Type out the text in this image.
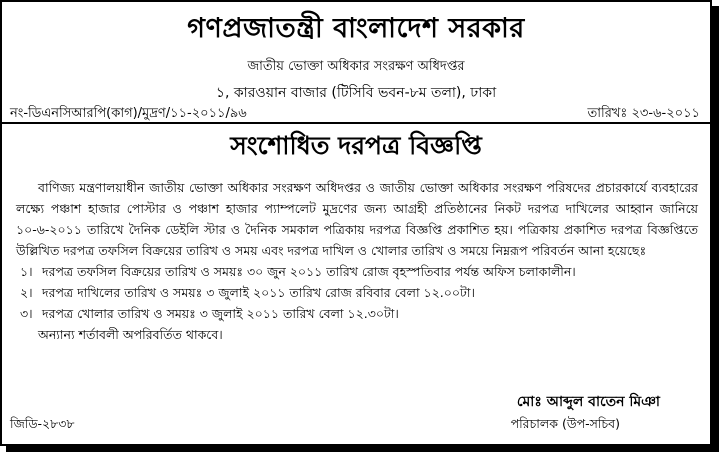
গণপ্রজাতন্ত্রী বাংলাদেশ সরকার
জাতীয় ভোক্তা অধিকার সংরক্ষণ অধিদপ্তর
১, কারওয়ান বাজার (টিসিবি ভবন-৮ম তলা), ঢাকা
নং-ডিএনসিআরপি(কাগ)/মুদ্রণ/১১-২০১১/৯৬	তারিখঃ ২৩-৬-২০১১
সংশোধিত দরপত্র বিজ্ঞপ্তি

বাণিজ্য মন্ত্রণালয়াধীন জাতীয় ভোক্তা অধিকার সংরক্ষণ অধিদপ্তর ও জাতীয় ভোক্তা অধিকার সংরক্ষণ পরিষদের প্রচারকার্যে ব্যবহারের লক্ষ্যে পঞ্চাশ হাজার পোস্টার ও পঞ্চাশ হাজার প্যাম্পলেট মুদ্রণের জন্য আগ্রহী প্রতিষ্ঠানের নিকট দরপত্র দাখিলের আহ্বান জানিয়ে ১০-৬-২০১১ তারিখে দৈনিক ডেইলি স্টার ও দৈনিক সমকাল পত্রিকায় দরপত্র বিজ্ঞপ্তি প্রকাশিত হয়। পত্রিকায় প্রকাশিত দরপত্র বিজ্ঞপ্তিতে উল্লিখিত দরপত্র তফসিল বিক্রয়ের তারিখ ও সময় এবং দরপত্র দাখিল ও খোলার তারিখ ও সময়ে নিম্নরূপ পরিবর্তন আনা হয়েছেঃ

১। দরপত্র তফসিল বিক্রয়ের তারিখ ও সময়ঃ ৩০ জুন ২০১১ তারিখ রোজ বৃহস্পতিবার পর্যন্ত অফিস চলাকালীন।

২। দরপত্র দাখিলের তারিখ ও সময়ঃ ৩ জুলাই ২০১১ তারিখ রোজ রবিবার বেলা ১২.০০টা।

৩। দরপত্র খোলার তারিখ ও সময়ঃ ৩ জুলাই ২০১১ তারিখ বেলা ১২.৩০টা।

অন্যান্য শর্তাবলী অপরিবর্তিত থাকবে।

মোঃ আব্দুল বাতেন মিঞা
পরিচালক (উপ-সচিব)
জিডি-২৮৩৮
